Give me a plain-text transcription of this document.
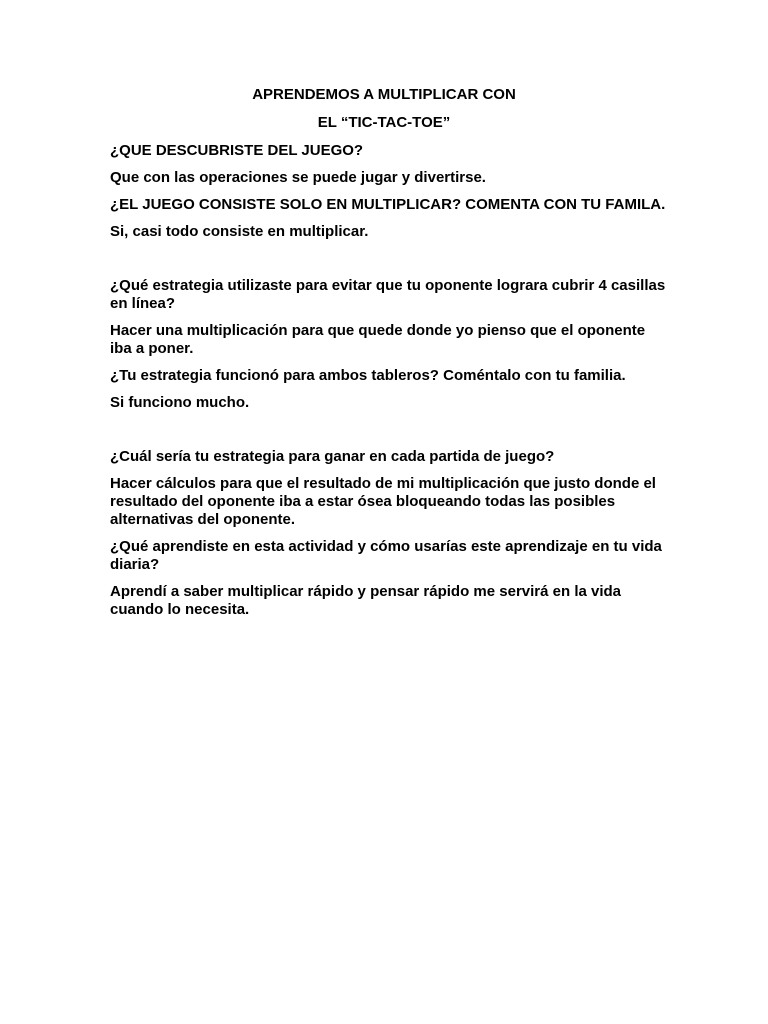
APRENDEMOS A MULTIPLICAR CON
EL “TIC-TAC-TOE”

¿QUE DESCUBRISTE DEL JUEGO?

Que con las operaciones se puede jugar y divertirse.

¿EL JUEGO CONSISTE SOLO EN MULTIPLICAR? COMENTA CON TU FAMILA.

Si, casi todo consiste en multiplicar.

¿Qué estrategia utilizaste para evitar que tu oponente lograra cubrir 4 casillas en línea?

Hacer una multiplicación para que quede donde yo pienso que el oponente iba a poner.

¿Tu estrategia funcionó para ambos tableros? Coméntalo con tu familia.

Si funciono mucho.

¿Cuál sería tu estrategia para ganar en cada partida de juego?

Hacer cálculos para que el resultado de mi multiplicación que justo donde el resultado del oponente iba a estar ósea bloqueando todas las posibles alternativas del oponente.

¿Qué aprendiste en esta actividad y cómo usarías este aprendizaje en tu vida diaria?

Aprendí a saber multiplicar rápido y pensar rápido me servirá en la vida cuando lo necesita.
